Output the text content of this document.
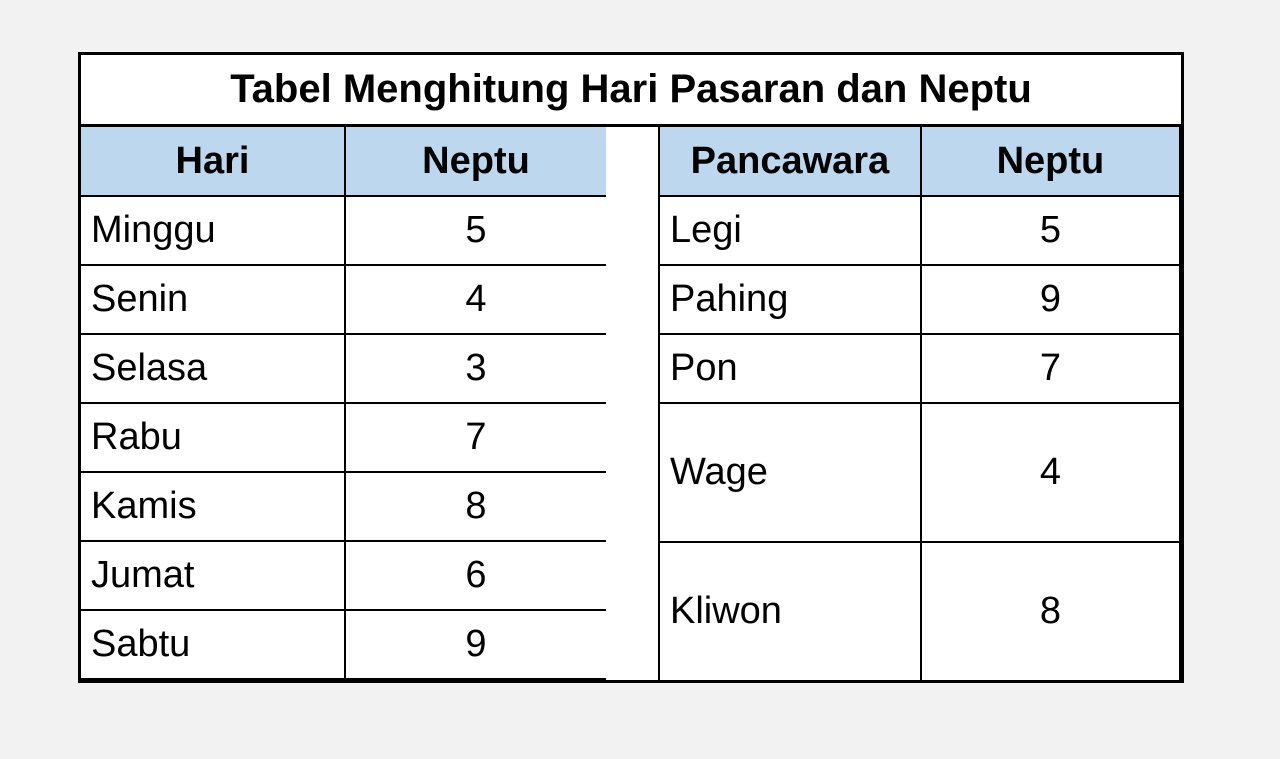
Tabel Menghitung Hari Pasaran dan Neptu
Hari	Neptu
Minggu	5
Senin	4
Selasa	3
Rabu	7
Kamis	8
Jumat	6
Sabtu	9
Pancawara	Neptu
Legi	5
Pahing	9
Pon	7
Wage	4
Kliwon	8
